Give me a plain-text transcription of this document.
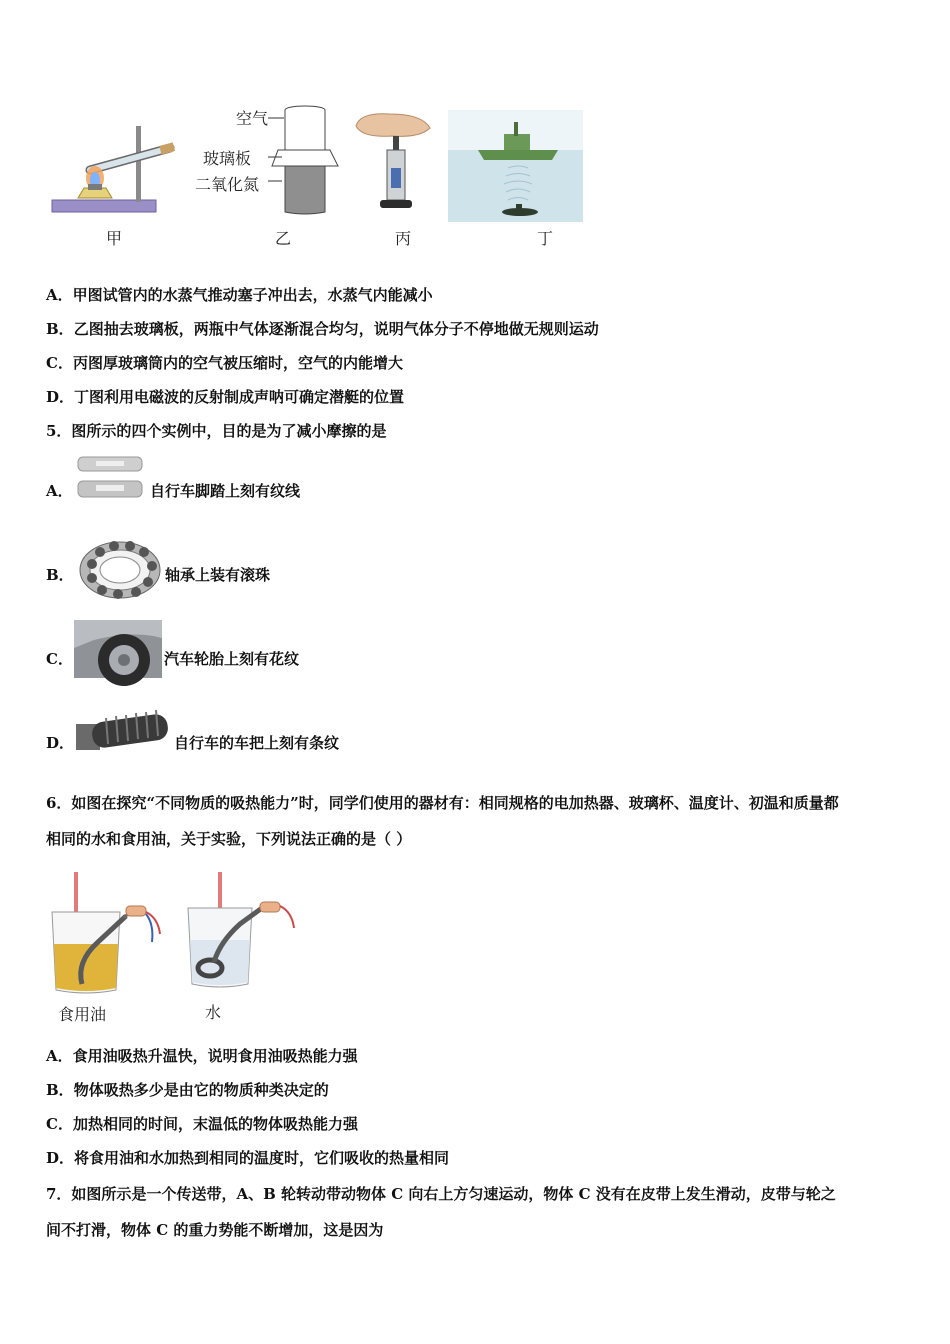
甲
空气
玻璃板
二氧化氮
乙	丙	丁
A．甲图试管内的水蒸气推动塞子冲出去，水蒸气内能减小
B．乙图抽去玻璃板，两瓶中气体逐渐混合均匀，说明气体分子不停地做无规则运动
C．丙图厚玻璃筒内的空气被压缩时，空气的内能增大
D．丁图利用电磁波的反射制成声呐可确定潜艇的位置
5．图所示的四个实例中，目的是为了减小摩擦的是
A．	自行车脚踏上刻有纹线
B．	轴承上装有滚珠
C．	汽车轮胎上刻有花纹
D．	自行车的车把上刻有条纹
6．如图在探究“不同物质的吸热能力”时，同学们使用的器材有：相同规格的电加热器、玻璃杯、温度计、初温和质量都
相同的水和食用油，关于实验，下列说法正确的是（ ）
食用油	水
A．食用油吸热升温快，说明食用油吸热能力强
B．物体吸热多少是由它的物质种类决定的
C．加热相同的时间，末温低的物体吸热能力强
D．将食用油和水加热到相同的温度时，它们吸收的热量相同
7．如图所示是一个传送带，A、B 轮转动带动物体 C 向右上方匀速运动，物体 C 没有在皮带上发生滑动，皮带与轮之
间不打滑，物体 C 的重力势能不断增加，这是因为
